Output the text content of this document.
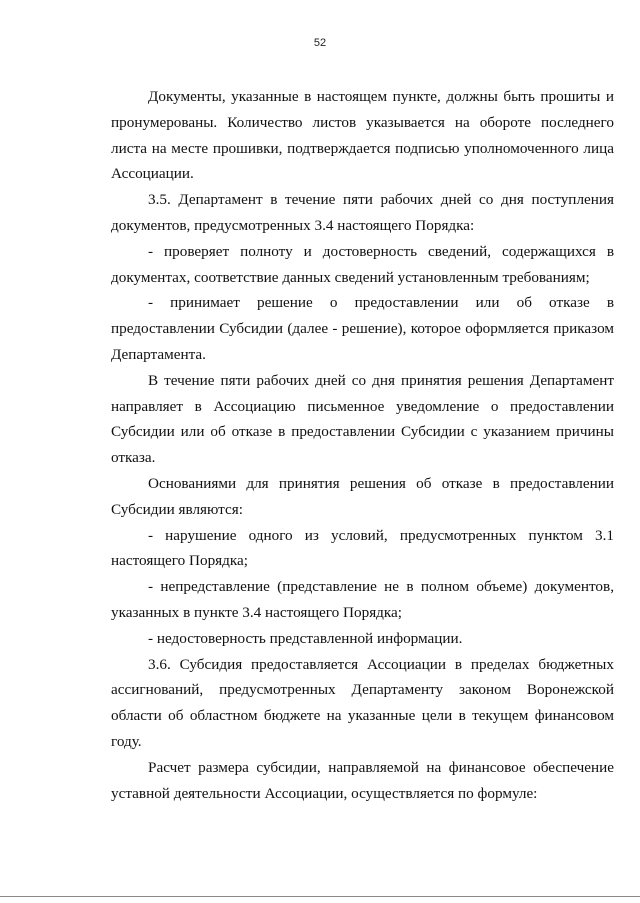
52

Документы, указанные в настоящем пункте, должны быть прошиты и пронумерованы. Количество листов указывается на обороте последнего листа на месте прошивки, подтверждается подписью уполномоченного лица Ассоциации.

3.5. Департамент в течение пяти рабочих дней со дня поступления документов, предусмотренных 3.4 настоящего Порядка:

- проверяет полноту и достоверность сведений, содержащихся в документах, соответствие данных сведений установленным требованиям;

- принимает решение о предоставлении или об отказе в предоставлении Субсидии (далее - решение), которое оформляется приказом Департамента.

В течение пяти рабочих дней со дня принятия решения Департамент направляет в Ассоциацию письменное уведомление о предоставлении Субсидии или об отказе в предоставлении Субсидии с указанием причины отказа.

Основаниями для принятия решения об отказе в предоставлении Субсидии являются:

- нарушение одного из условий, предусмотренных пунктом 3.1 настоящего Порядка;

- непредставление (представление не в полном объеме) документов, указанных в пункте 3.4 настоящего Порядка;

- недостоверность представленной информации.

3.6. Субсидия предоставляется Ассоциации в пределах бюджетных ассигнований, предусмотренных Департаменту законом Воронежской области об областном бюджете на указанные цели в текущем финансовом году.

Расчет размера субсидии, направляемой на финансовое обеспечение уставной деятельности Ассоциации, осуществляется по формуле:
